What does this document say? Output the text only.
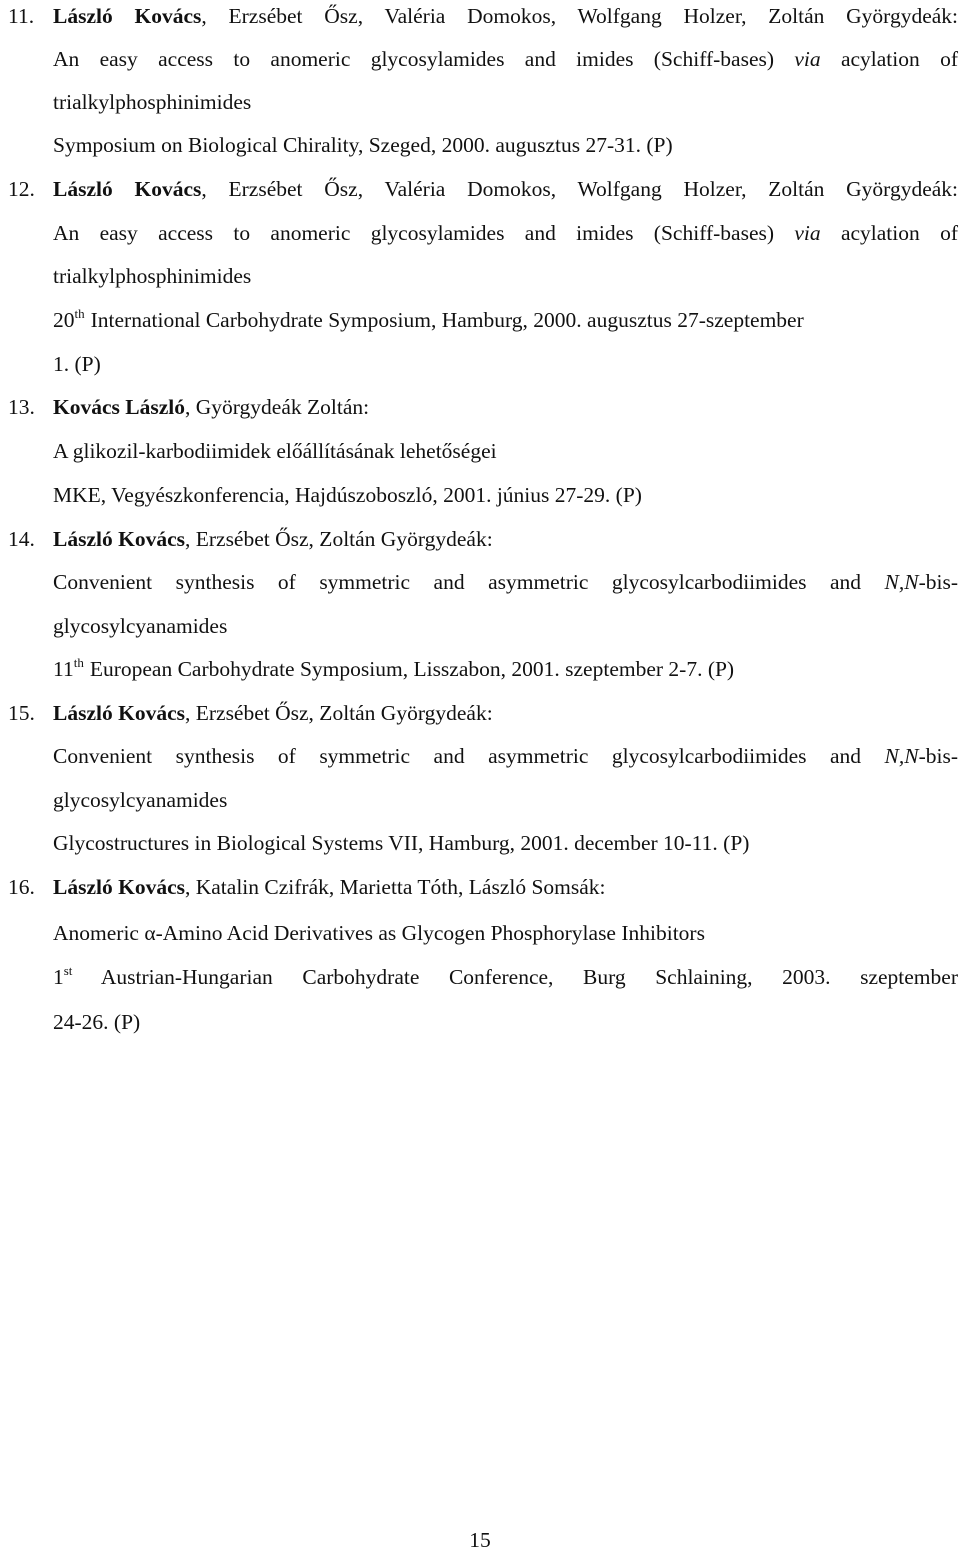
11. László Kovács, Erzsébet Ősz, Valéria Domokos, Wolfgang Holzer, Zoltán Györgydeák:
An easy access to anomeric glycosylamides and imides (Schiff-bases) via acylation of
trialkylphosphinimides
Symposium on Biological Chirality, Szeged, 2000. augusztus 27-31. (P)
12. László Kovács, Erzsébet Ősz, Valéria Domokos, Wolfgang Holzer, Zoltán Györgydeák:
An easy access to anomeric glycosylamides and imides (Schiff-bases) via acylation of
trialkylphosphinimides
20th International Carbohydrate Symposium, Hamburg, 2000. augusztus 27-szeptember
1. (P)
13. Kovács László, Györgydeák Zoltán:
A glikozil-karbodiimidek előállításának lehetőségei
MKE, Vegyészkonferencia, Hajdúszoboszló, 2001. június 27-29. (P)
14. László Kovács, Erzsébet Ősz, Zoltán Györgydeák:
Convenient synthesis of symmetric and asymmetric glycosylcarbodiimides and N,N-bis-
glycosylcyanamides
11th European Carbohydrate Symposium, Lisszabon, 2001. szeptember 2-7. (P)
15. László Kovács, Erzsébet Ősz, Zoltán Györgydeák:
Convenient synthesis of symmetric and asymmetric glycosylcarbodiimides and N,N-bis-
glycosylcyanamides
Glycostructures in Biological Systems VII, Hamburg, 2001. december 10-11. (P)
16. László Kovács, Katalin Czifrák, Marietta Tóth, László Somsák:
Anomeric α-Amino Acid Derivatives as Glycogen Phosphorylase Inhibitors
1st Austrian-Hungarian Carbohydrate Conference, Burg Schlaining, 2003. szeptember
24-26. (P)
15
